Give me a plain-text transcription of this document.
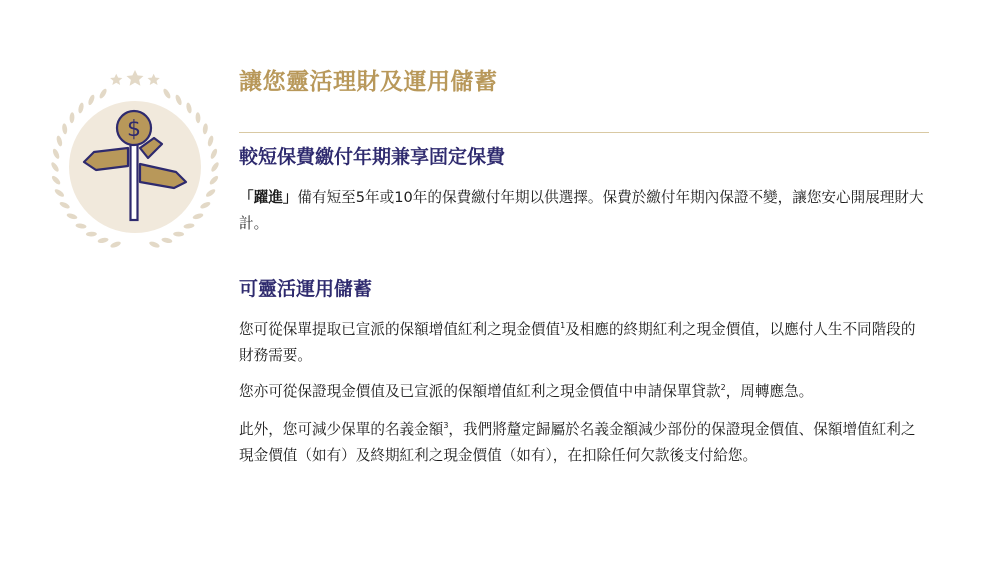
$
讓您靈活理財及運用儲蓄
較短保費繳付年期兼享固定保費

「躍進」備有短至5年或10年的保費繳付年期以供選擇。保費於繳付年期內保證不變，讓您安心開展理財大計。

可靈活運用儲蓄

您可從保單提取已宣派的保額增值紅利之現金價值$^1$及相應的終期紅利之現金價值，以應付人生不同階段的財務需要。

您亦可從保證現金價值及已宣派的保額增值紅利之現金價值中申請保單貸款$^2$，周轉應急。

此外，您可減少保單的名義金額$^3$，我們將釐定歸屬於名義金額減少部份的保證現金價值、保額增值紅利之現金價值（如有）及終期紅利之現金價值（如有），在扣除任何欠款後支付給您。
